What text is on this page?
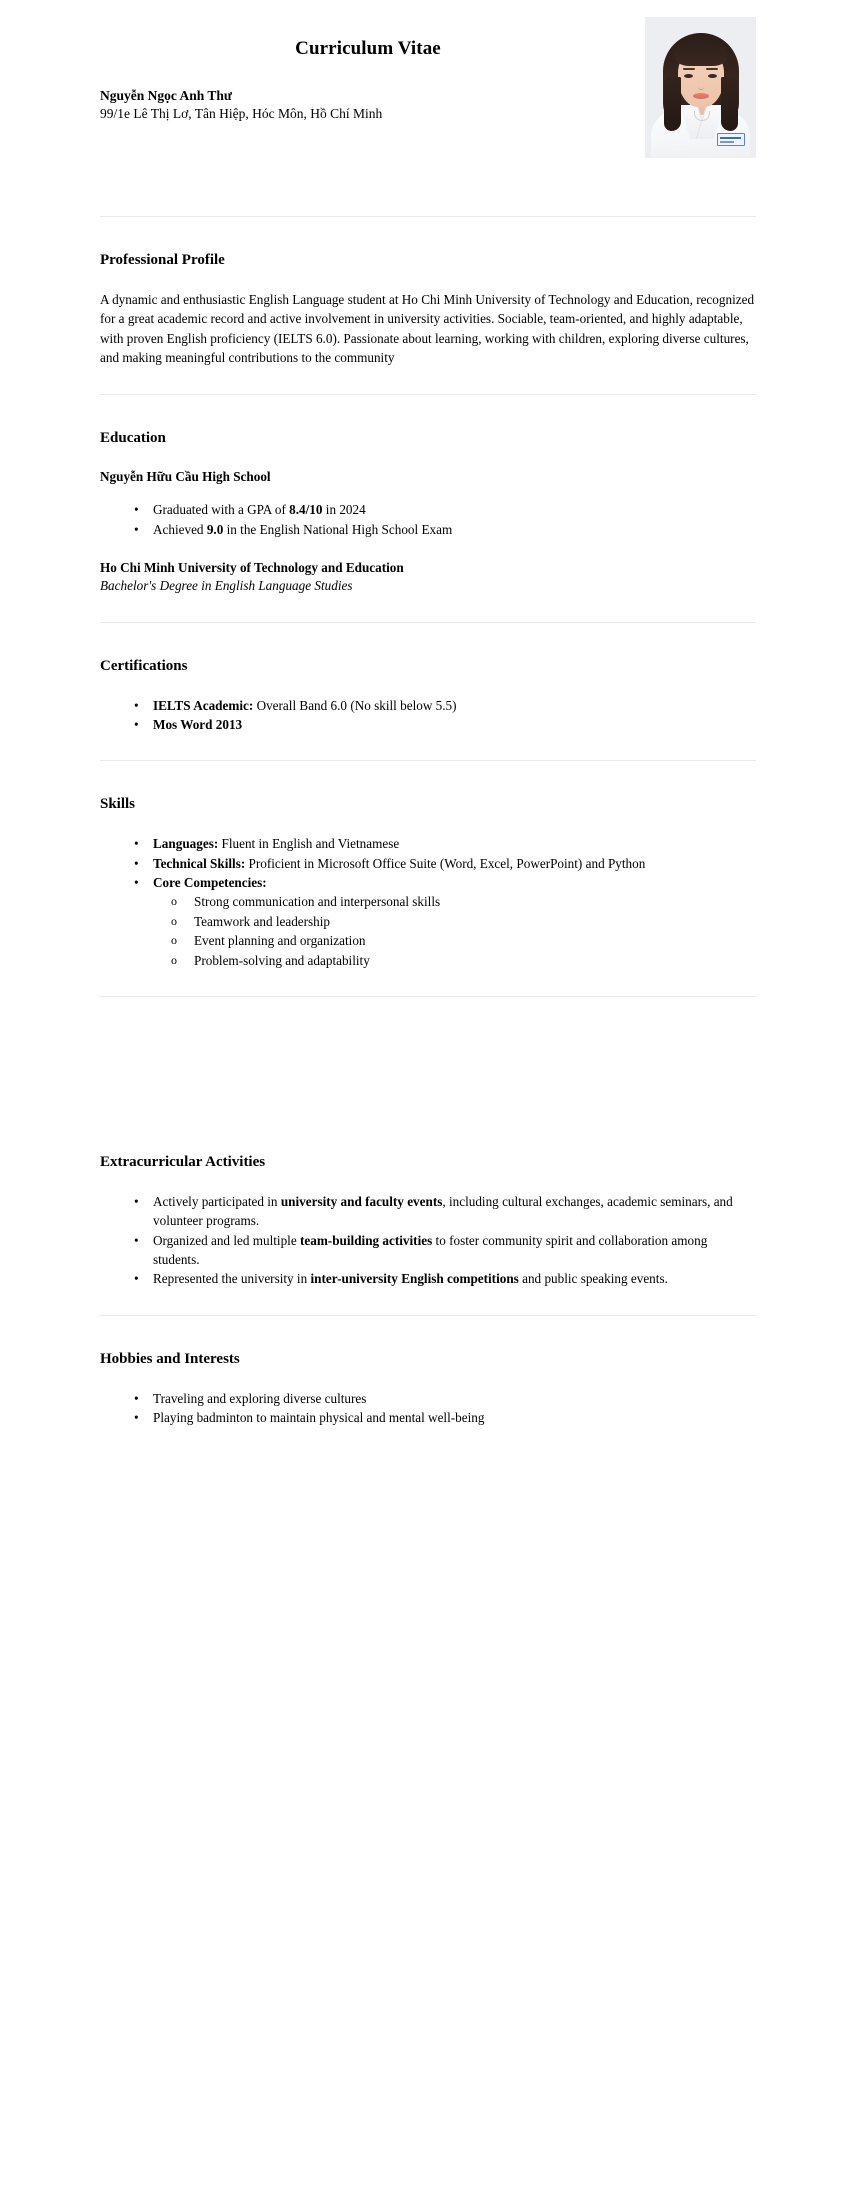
Curriculum Vitae
Nguyễn Ngọc Anh Thư
99/1e Lê Thị Lơ, Tân Hiệp, Hóc Môn, Hồ Chí Minh
Professional Profile

A dynamic and enthusiastic English Language student at Ho Chi Minh University of Technology and Education, recognized for a great academic record and active involvement in university activities. Sociable, team-oriented, and highly adaptable, with proven English proficiency (IELTS 6.0). Passionate about learning, working with children, exploring diverse cultures, and making meaningful contributions to the community

Education
Nguyễn Hữu Cầu High School
• Graduated with a GPA of 8.4/10 in 2024
• Achieved 9.0 in the English National High School Exam
Ho Chi Minh University of Technology and Education
Bachelor's Degree in English Language Studies
Certifications
• IELTS Academic: Overall Band 6.0 (No skill below 5.5)
• Mos Word 2013
Skills
• Languages: Fluent in English and Vietnamese
• Technical Skills: Proficient in Microsoft Office Suite (Word, Excel, PowerPoint) and Python
• Core Competencies:
o Strong communication and interpersonal skills
o Teamwork and leadership
o Event planning and organization
o Problem-solving and adaptability
Extracurricular Activities
• Actively participated in university and faculty events, including cultural exchanges, academic seminars, and volunteer programs.
• Organized and led multiple team-building activities to foster community spirit and collaboration among students.
• Represented the university in inter-university English competitions and public speaking events.
Hobbies and Interests
• Traveling and exploring diverse cultures
• Playing badminton to maintain physical and mental well-being
